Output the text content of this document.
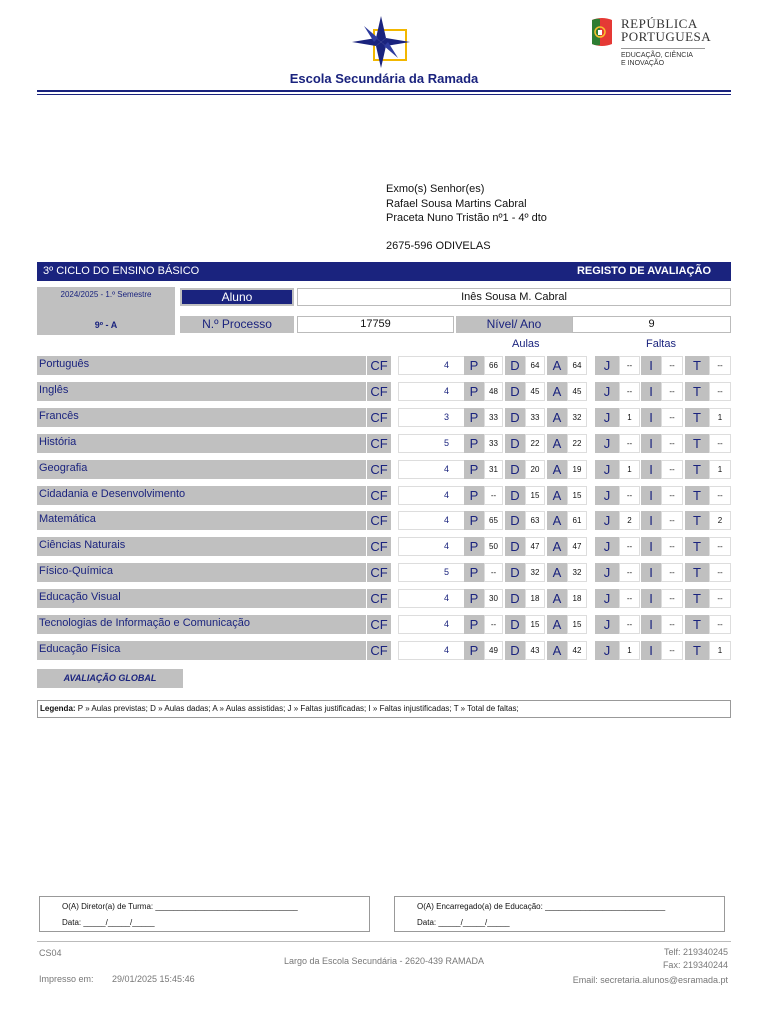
Escola Secundária da Ramada
REPÚBLICA
PORTUGUESA
EDUCAÇÃO, CIÊNCIA
E INOVAÇÃO
Exmo(s) Senhor(es)
Rafael Sousa Martins Cabral
Praceta Nuno Tristão nº1 - 4º dto
2675-596 ODIVELAS
3º CICLO DO ENSINO BÁSICO	REGISTO DE AVALIAÇÃO
2024/2025 - 1.º Semestre
9º - A
Aluno	Inês Sousa M. Cabral
N.º Processo	17759	Nível/ Ano	9
Aulas	Faltas
Português	CF	4	P	66 D	64	A	64	J	--	I	--	T	--
Inglês	CF	4	P	48 D	45	A	45	J	--	I	--	T	--
Francês	CF	3	P	33 D	33	A	32	J	1	I	--	T	1
História	CF	5	P	33 D	22	A	22	J	--	I	--	T	--
Geografia	CF	4	P	31 D	20	A	19	J	1	I	--	T	1
Cidadania e Desenvolvimento	CF	4	P	--	D	15	A	15	J	--	I	--	T	--
Matemática	CF	4	P	65 D	63	A	61	J	2	I	--	T	2
Ciências Naturais	CF	4	P	50 D	47	A	47	J	--	I	--	T	--
Físico-Química	CF	5	P	--	D	32	A	32	J	--	I	--	T	--
Educação Visual	CF	4	P	30 D	18	A	18	J	--	I	--	T	--
Tecnologias de Informação e Comunicação	CF	4	P	--	D	15	A	15	J	--	I	--	T	--
Educação Física	CF	4	P	49 D	43	A	42	J	1	I	--	T	1
AVALIAÇÃO GLOBAL
Legenda: P » Aulas previstas; D » Aulas dadas; A » Aulas assistidas; J » Faltas justificadas; I » Faltas injustificadas; T » Total de faltas;
O(A) Diretor(a) de Turma: ________________________________
Data: _____/_____/_____
O(A) Encarregado(a) de Educação: ___________________________
Data: _____/_____/_____
CS04
Largo da Escola Secundária - 2620-439 RAMADA
Impresso em: 29/01/2025 15:45:46
Telf: 219340245
Fax: 219340244
Email: secretaria.alunos@esramada.pt
